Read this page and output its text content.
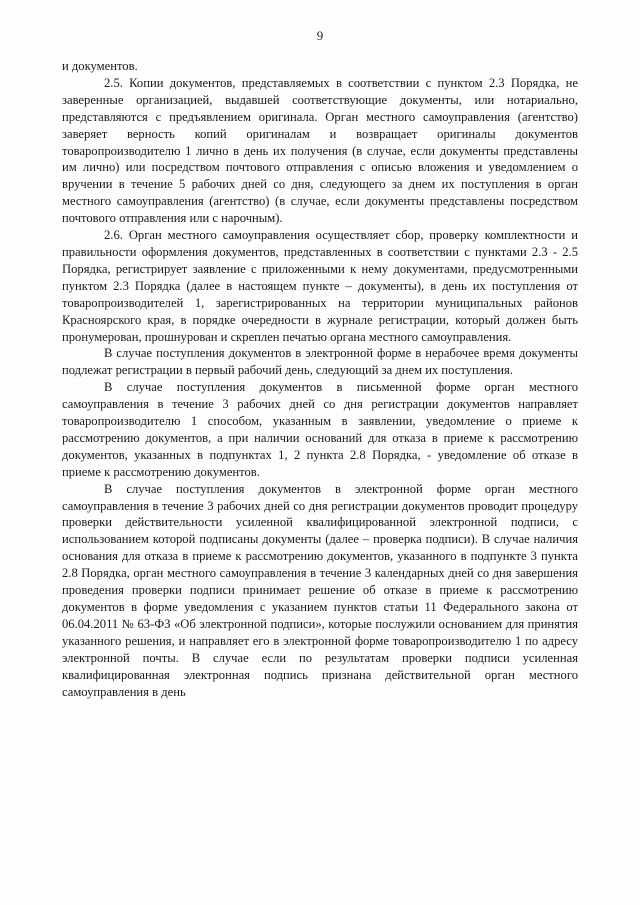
9

и документов.

2.5. Копии документов, представляемых в соответствии с пунктом 2.3 Порядка, не заверенные организацией, выдавшей соответствующие документы, или нотариально, представляются с предъявлением оригинала. Орган местного самоуправления (агентство) заверяет верность копий оригиналам и возвращает оригиналы документов товаропроизводителю 1 лично в день их получения (в случае, если документы представлены им лично) или посредством почтового отправления с описью вложения и уведомлением о вручении в течение 5 рабочих дней со дня, следующего за днем их поступления в орган местного самоуправления (агентство) (в случае, если документы представлены посредством почтового отправления или с нарочным).

2.6. Орган местного самоуправления осуществляет сбор, проверку комплектности и правильности оформления документов, представленных в соответствии с пунктами 2.3 - 2.5 Порядка, регистрирует заявление с приложенными к нему документами, предусмотренными пунктом 2.3 Порядка (далее в настоящем пункте – документы), в день их поступления от товаропроизводителей 1, зарегистрированных на территории муниципальных районов Красноярского края, в порядке очередности в журнале регистрации, который должен быть пронумерован, прошнурован и скреплен печатью органа местного самоуправления.

В случае поступления документов в электронной форме в нерабочее время документы подлежат регистрации в первый рабочий день, следующий за днем их поступления.

В случае поступления документов в письменной форме орган местного самоуправления в течение 3 рабочих дней со дня регистрации документов направляет товаропроизводителю 1 способом, указанным в заявлении, уведомление о приеме к рассмотрению документов, а при наличии оснований для отказа в приеме к рассмотрению документов, указанных в подпунктах 1, 2 пункта 2.8 Порядка, - уведомление об отказе в приеме к рассмотрению документов.

В случае поступления документов в электронной форме орган местного самоуправления в течение 3 рабочих дней со дня регистрации документов проводит процедуру проверки действительности усиленной квалифицированной электронной подписи, с использованием которой подписаны документы (далее – проверка подписи). В случае наличия основания для отказа в приеме к рассмотрению документов, указанного в подпункте 3 пункта 2.8 Порядка, орган местного самоуправления в течение 3 календарных дней со дня завершения проведения проверки подписи принимает решение об отказе в приеме к рассмотрению документов в форме уведомления с указанием пунктов статьи 11 Федерального закона от 06.04.2011 № 63-ФЗ «Об электронной подписи», которые послужили основанием для принятия указанного решения, и направляет его в электронной форме товаропроизводителю 1 по адресу электронной почты. В случае если по результатам проверки подписи усиленная квалифицированная электронная подпись признана действительной орган местного самоуправления в день
